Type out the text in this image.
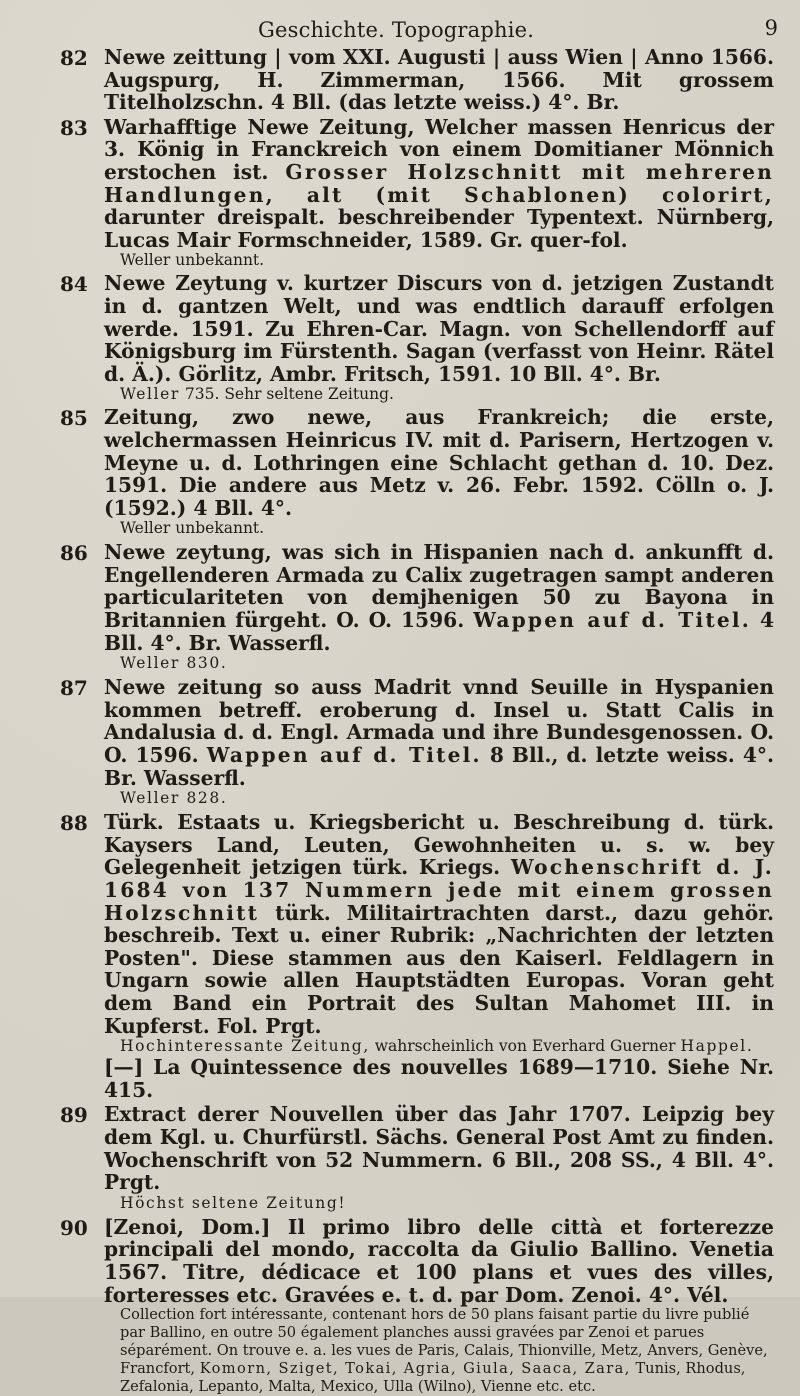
Geschichte. Topographie.	9
82 Newe zeittung | vom XXI. Augusti | auss Wien | Anno 1566. Augspurg, H. Zimmerman, 1566. Mit grossem Titelholzschn. 4 Bll. (das letzte weiss.) 4°. Br.
83 Warhafftige Newe Zeitung, Welcher massen Henricus der 3. König in Franckreich von einem Domitianer Mönnich erstochen ist. Grosser Holzschnitt mit mehreren Handlungen, alt (mit Schablonen) colorirt, darunter dreispalt. beschreibender Typentext. Nürnberg, Lucas Mair Formschneider, 1589. Gr. quer-fol.
Weller unbekannt.
84 Newe Zeytung v. kurtzer Discurs von d. jetzigen Zustandt in d. gantzen Welt, und was endtlich darauff erfolgen werde. 1591. Zu Ehren-Car. Magn. von Schellendorff auf Königsburg im Fürstenth. Sagan (verfasst von Heinr. Rätel d. Ä.). Görlitz, Ambr. Fritsch, 1591. 10 Bll. 4°. Br.
Weller 735. Sehr seltene Zeitung.
85 Zeitung, zwo newe, aus Frankreich; die erste, welchermassen Heinricus IV. mit d. Parisern, Hertzogen v. Meyne u. d. Lothringen eine Schlacht gethan d. 10. Dez. 1591. Die andere aus Metz v. 26. Febr. 1592. Cölln o. J. (1592.) 4 Bll. 4°.
Weller unbekannt.
86 Newe zeytung, was sich in Hispanien nach d. ankunfft d. Engellenderen Armada zu Calix zugetragen sampt anderen particulariteten von demjhenigen 50 zu Bayona in Britannien fürgeht. O. O. 1596. Wappen auf d. Titel. 4 Bll. 4°. Br. Wasserfl.
Weller 830.
87 Newe zeitung so auss Madrit vnnd Seuille in Hyspanien kommen betreff. eroberung d. Insel u. Statt Calis in Andalusia d. d. Engl. Armada und ihre Bundesgenossen. O. O. 1596. Wappen auf d. Titel. 8 Bll., d. letzte weiss. 4°. Br. Wasserfl.
Weller 828.
88 Türk. Estaats u. Kriegsbericht u. Beschreibung d. türk. Kaysers Land, Leuten, Gewohnheiten u. s. w. bey Gelegenheit jetzigen türk. Kriegs. Wochenschrift d. J. 1684 von 137 Nummern jede mit einem grossen Holzschnitt türk. Militairtrachten darst., dazu gehör. beschreib. Text u. einer Rubrik: „Nachrichten der letzten Posten". Diese stammen aus den Kaiserl. Feldlagern in Ungarn sowie allen Hauptstädten Europas. Voran geht dem Band ein Portrait des Sultan Mahomet III. in Kupferst. Fol. Prgt.
Hochinteressante Zeitung, wahrscheinlich von Everhard Guerner Happel.
[—] La Quintessence des nouvelles 1689—1710. Siehe Nr. 415.
89 Extract derer Nouvellen über das Jahr 1707. Leipzig bey dem Kgl. u. Churfürstl. Sächs. General Post Amt zu finden. Wochenschrift von 52 Nummern. 6 Bll., 208 SS., 4 Bll. 4°. Prgt.
Höchst seltene Zeitung!
90 [Zenoi, Dom.] Il primo libro delle città et forterezze principali del mondo, raccolta da Giulio Ballino. Venetia 1567. Titre, dédicace et 100 plans et vues des villes, forteresses etc. Gravées e. t. d. par Dom. Zenoi. 4°. Vél.
Collection fort intéressante, contenant hors de 50 plans faisant partie du livre publié par Ballino, en outre 50 également planches aussi gravées par Zenoi et parues séparément. On trouve e. a. les vues de Paris, Calais, Thionville, Metz, Anvers, Genève, Francfort, Komorn, Sziget, Tokai, Agria, Giula, Saaca, Zara, Tunis, Rhodus, Zefalonia, Lepanto, Malta, Mexico, Ulla (Wilno), Vienne etc. etc.
